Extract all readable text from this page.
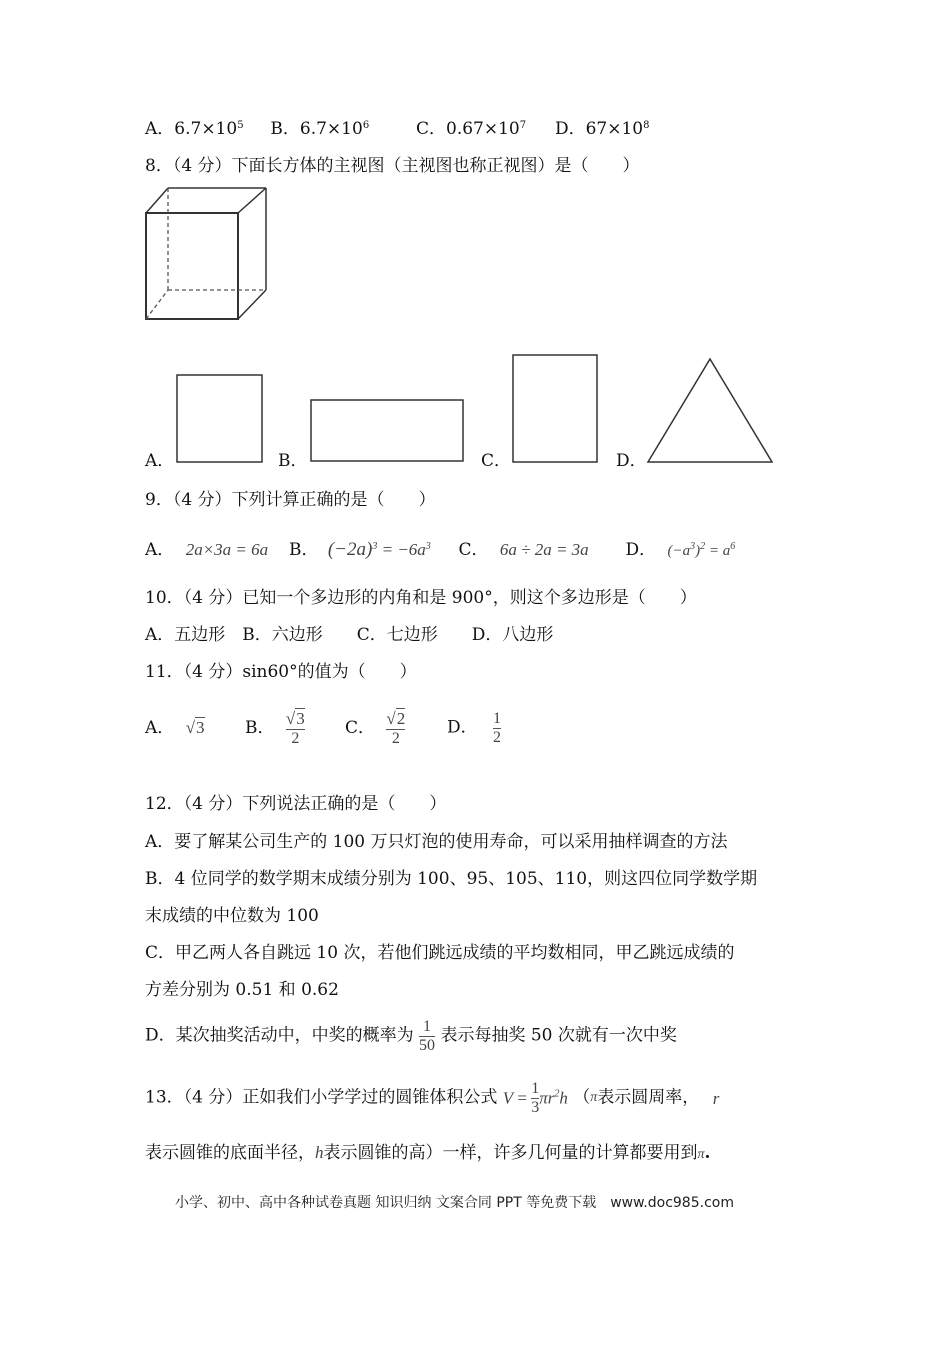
A．$6.7\times 10^5$ B．$6.7\times 10^6$	C．$0.67\times 10^7$ D．$67\times 10^8$
8．（4 分）下面长方体的主视图（主视图也称正视图）是（　　）
A．	B．	C．	D．
9．（4 分）下列计算正确的是（　　）
A． 2a×3a = 6a B． $(-2a)^3 = -6a^3$ C． 6a ÷ 2a = 3a D． $(-a^3)^2 = a^6$
10．（4 分）已知一个多边形的内角和是 900°，则这个多边形是（　　）
A．五边形　B．六边形　　C．七边形　　D．八边形
11．（4 分）sin60°的值为（　　）
A． √3 B． $\frac{√3}{2}$ C． $\frac{√2}{2}$ D． $\frac{1}{2}$
12．（4 分）下列说法正确的是（　　）
A．要了解某公司生产的 100 万只灯泡的使用寿命，可以采用抽样调查的方法
B．4 位同学的数学期末成绩分别为 100、95、105、110，则这四位同学数学期
末成绩的中位数为 100
C．甲乙两人各自跳远 10 次，若他们跳远成绩的平均数相同，甲乙跳远成绩的
方差分别为 0.51 和 0.62
D．某次抽奖活动中，中奖的概率为 $\frac{1}{50}$ 表示每抽奖 50 次就有一次中奖
13．（4 分）正如我们小学学过的圆锥体积公式 $V = \frac{1}{3} \pi r^2h$ （π表示圆周率， r
表示圆锥的底面半径，h表示圆锥的高）一样，许多几何量的计算都要用到π.
小学、初中、高中各种试卷真题 知识归纳 文案合同 PPT 等免费下载　www.doc985.com
